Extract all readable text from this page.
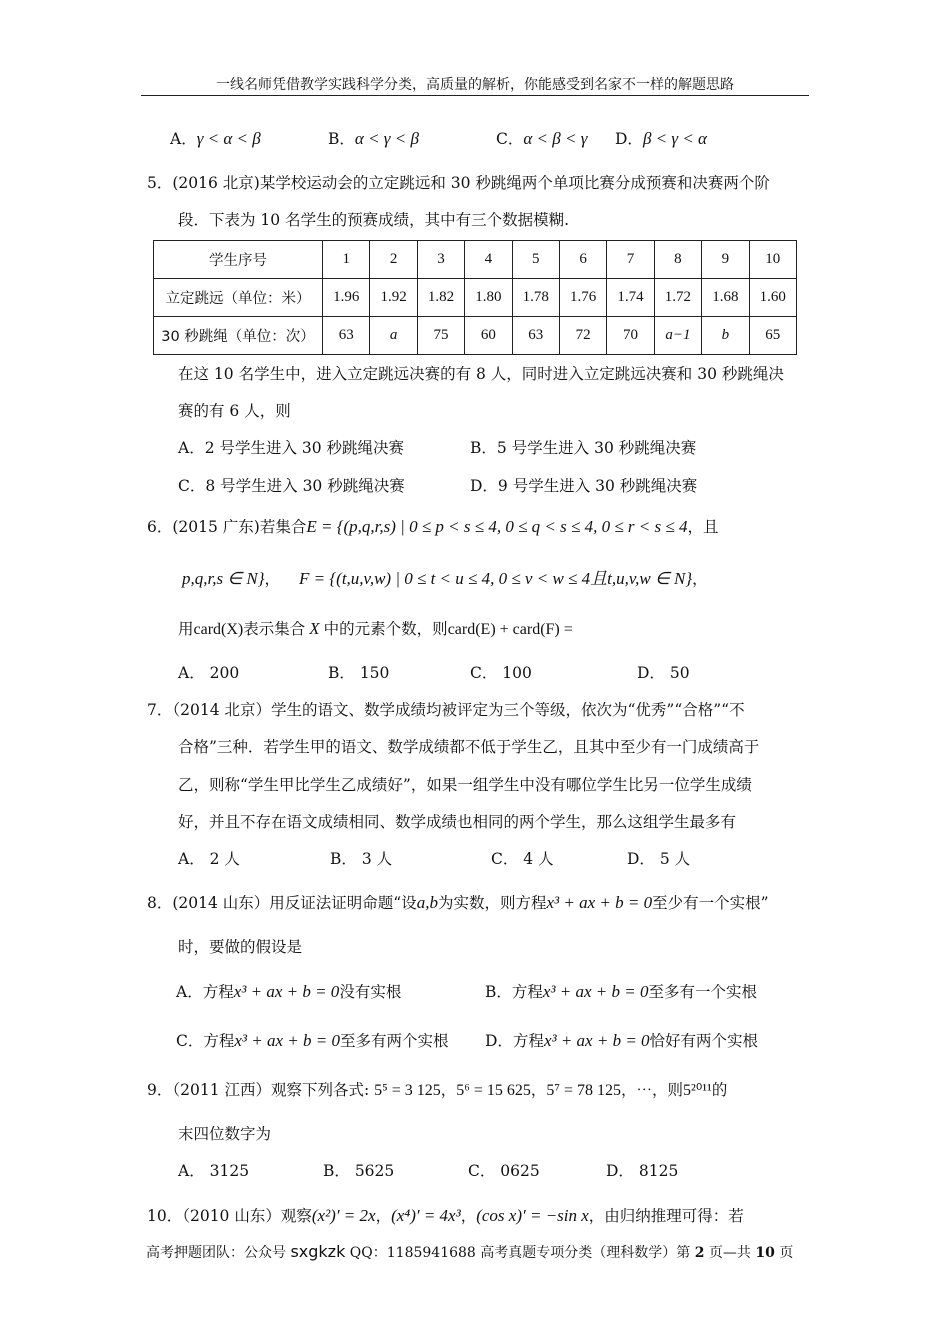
一线名师凭借教学实践科学分类，高质量的解析，你能感受到名家不一样的解题思路
A．γ < α < β	B．α < γ < β	C．α < β < γ D．β < γ < α
5．(2016 北京)某学校运动会的立定跳远和 30 秒跳绳两个单项比赛分成预赛和决赛两个阶
段．下表为 10 名学生的预赛成绩，其中有三个数据模糊.
学生序号	1	2	3	4	5	6	7	8	9	10
立定跳远（单位：米）	1.96	1.92	1.82	1.80	1.78	1.76	1.74	1.72	1.68	1.60
30 秒跳绳（单位：次）	63	a	75	60	63	72	70	a−1	b	65
在这 10 名学生中，进入立定跳远决赛的有 8 人，同时进入立定跳远决赛和 30 秒跳绳决
赛的有 6 人，则
A．2 号学生进入 30 秒跳绳决赛	B．5 号学生进入 30 秒跳绳决赛
C．8 号学生进入 30 秒跳绳决赛	D．9 号学生进入 30 秒跳绳决赛
6．(2015 广东)若集合E = {(p,q,r,s) | 0 ≤ p < s ≤ 4, 0 ≤ q < s ≤ 4, 0 ≤ r < s ≤ 4，且
p,q,r,s ∈ N}， F = {(t,u,v,w) | 0 ≤ t < u ≤ 4, 0 ≤ v < w ≤ 4且t,u,v,w ∈ N}，
用card(X)表示集合 X 中的元素个数，则card(E) + card(F) =
A． 200	B． 150	C． 100	D． 50
7．（2014 北京）学生的语文、数学成绩均被评定为三个等级，依次为“优秀”“合格”“不
合格”三种．若学生甲的语文、数学成绩都不低于学生乙，且其中至少有一门成绩高于
乙，则称“学生甲比学生乙成绩好”，如果一组学生中没有哪位学生比另一位学生成绩
好，并且不存在语文成绩相同、数学成绩也相同的两个学生，那么这组学生最多有
A． 2 人	B． 3 人	C． 4 人	D． 5 人
8．(2014 山东）用反证法证明命题“设a,b为实数，则方程x³ + ax + b = 0至少有一个实根”
时，要做的假设是
A．方程x³ + ax + b = 0没有实根	B．方程x³ + ax + b = 0至多有一个实根
C．方程x³ + ax + b = 0至多有两个实根 D．方程x³ + ax + b = 0恰好有两个实根
9．（2011 江西）观察下列各式: 5⁵ = 3 125，5⁶ = 15 625，5⁷ = 78 125，⋯，则5²⁰¹¹的
末四位数字为
A． 3125	B． 5625	C． 0625	D． 8125
10．（2010 山东）观察(x²)′ = 2x，(x⁴)′ = 4x³，(cos x)′ = −sin x，由归纳推理可得：若
高考押题团队：公众号 sxgkzk QQ：1185941688 高考真题专项分类（理科数学）第 2 页—共 10 页
